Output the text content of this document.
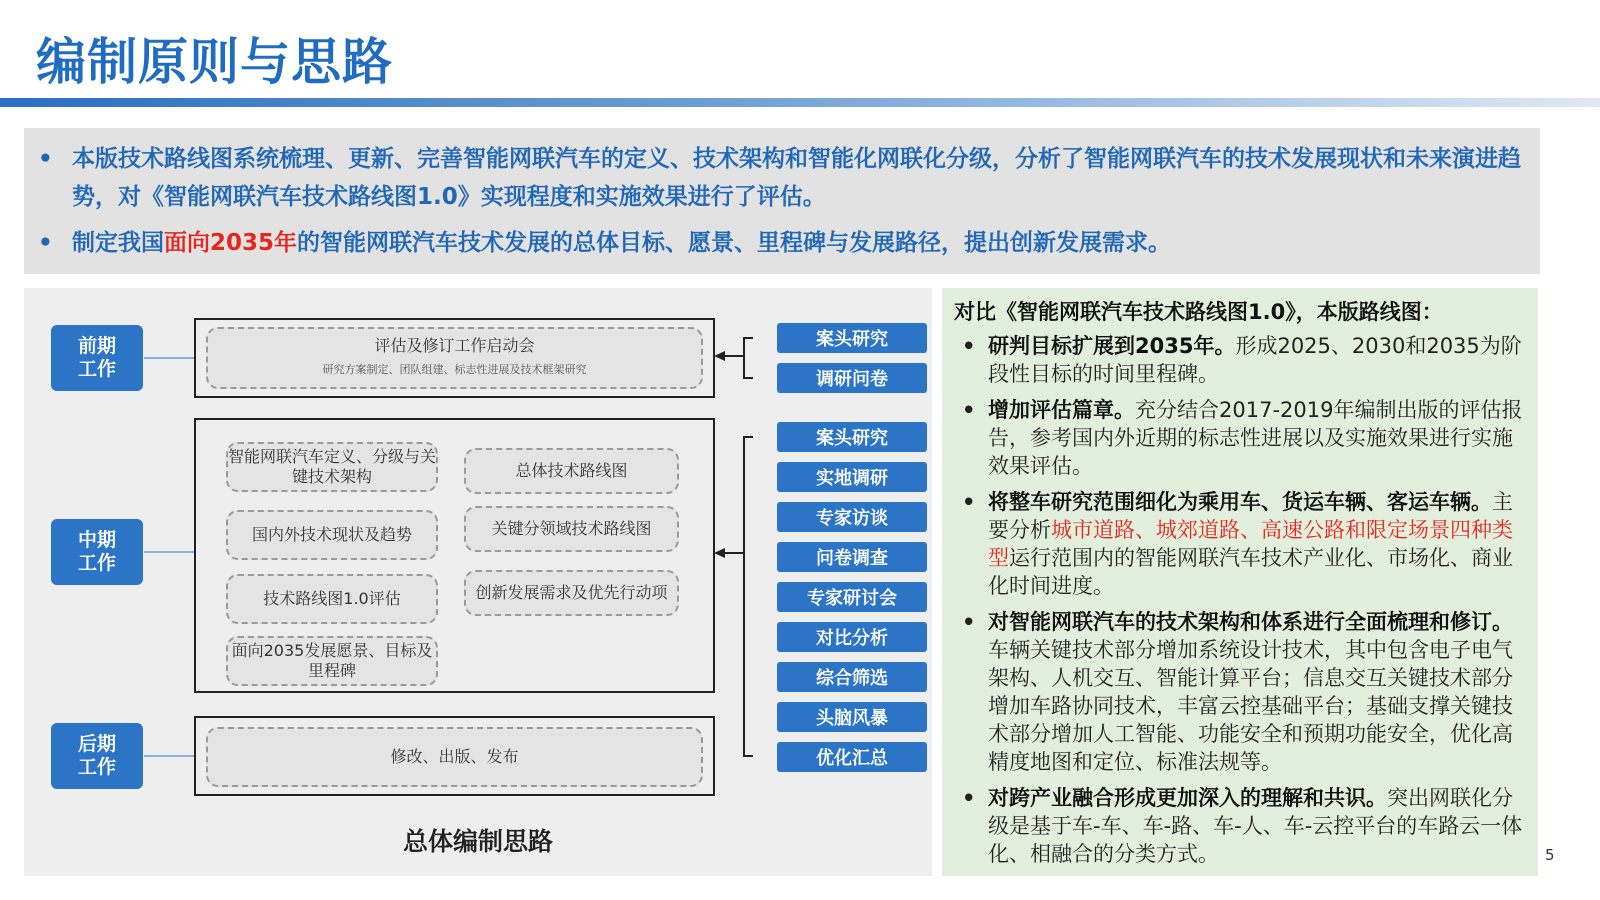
编制原则与思路
• 本版技术路线图系统梳理、更新、完善智能网联汽车的定义、技术架构和智能化网联化分级，分析了智能网联汽车的技术发展现状和未来演进趋势，对《智能网联汽车技术路线图1.0》实现程度和实施效果进行了评估。
• 制定我国面向2035年的智能网联汽车技术发展的总体目标、愿景、里程碑与发展路径，提出创新发展需求。
前期工作
中期工作
后期工作
评估及修订工作启动会
研究方案制定、团队组建、标志性进展及技术框架研究
智能网联汽车定义、分级与关键技术架构	总体技术路线图
国内外技术现状及趋势	关键分领域技术路线图
技术路线图1.0评估	创新发展需求及优先行动项
面向2035发展愿景、目标及里程碑
修改、出版、发布
案头研究
调研问卷
案头研究
实地调研
专家访谈
问卷调查
专家研讨会
对比分析
综合筛选
头脑风暴
优化汇总
总体编制思路

对比《智能网联汽车技术路线图1.0》，本版路线图：

• 研判目标扩展到2035年。形成2025、2030和2035为阶段性目标的时间里程碑。
• 增加评估篇章。充分结合2017-2019年编制出版的评估报告，参考国内外近期的标志性进展以及实施效果进行实施效果评估。
• 将整车研究范围细化为乘用车、货运车辆、客运车辆。主要分析城市道路、城郊道路、高速公路和限定场景四种类型运行范围内的智能网联汽车技术产业化、市场化、商业化时间进度。
• 对智能网联汽车的技术架构和体系进行全面梳理和修订。车辆关键技术部分增加系统设计技术，其中包含电子电气架构、人机交互、智能计算平台；信息交互关键技术部分增加车路协同技术，丰富云控基础平台；基础支撑关键技术部分增加人工智能、功能安全和预期功能安全，优化高精度地图和定位、标准法规等。
• 对跨产业融合形成更加深入的理解和共识。突出网联化分级是基于车-车、车-路、车-人、车-云控平台的车路云一体化、相融合的分类方式。	5
